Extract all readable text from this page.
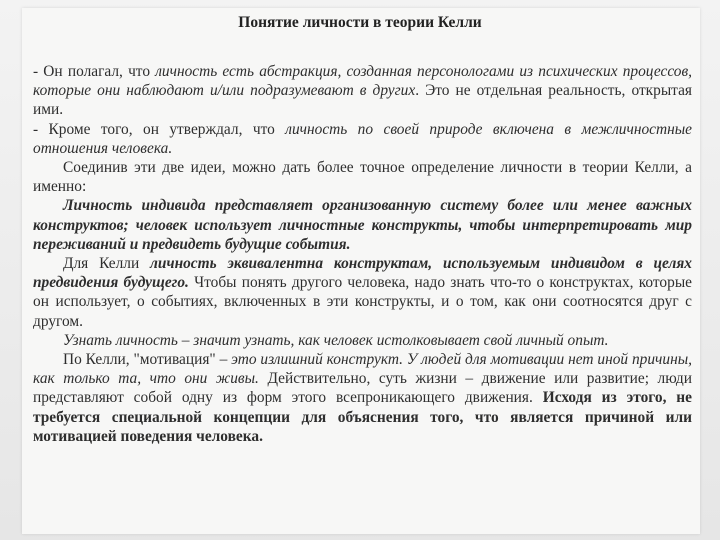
Понятие личности в теории Келли

- Он полагал, что личность есть абстракция, созданная персонологами из психических процессов, которые они наблюдают и/или подразумевают в других. Это не отдельная реальность, открытая ими.

- Кроме того, он утверждал, что личность по своей природе включена в межличностные отношения человека.

Соединив эти две идеи, можно дать более точное определение личности в теории Келли, а именно:

Личность индивида представляет организованную систему более или менее важных конструктов; человек использует личностные конструкты, чтобы интерпретировать мир переживаний и предвидеть будущие события.

Для Келли личность эквивалентна конструктам, используемым индивидом в целях предвидения будущего. Чтобы понять другого человека, надо знать что-то о конструктах, которые он использует, о событиях, включенных в эти конструкты, и о том, как они соотносятся друг с другом.

Узнать личность – значит узнать, как человек истолковывает свой личный опыт.

По Келли, "мотивация" – это излишний конструкт. У людей для мотивации нет иной причины, как только та, что они живы. Действительно, суть жизни – движение или развитие; люди представляют собой одну из форм этого всепроникающего движения. Исходя из этого, не требуется специальной концепции для объяснения того, что является причиной или мотивацией поведения человека.
